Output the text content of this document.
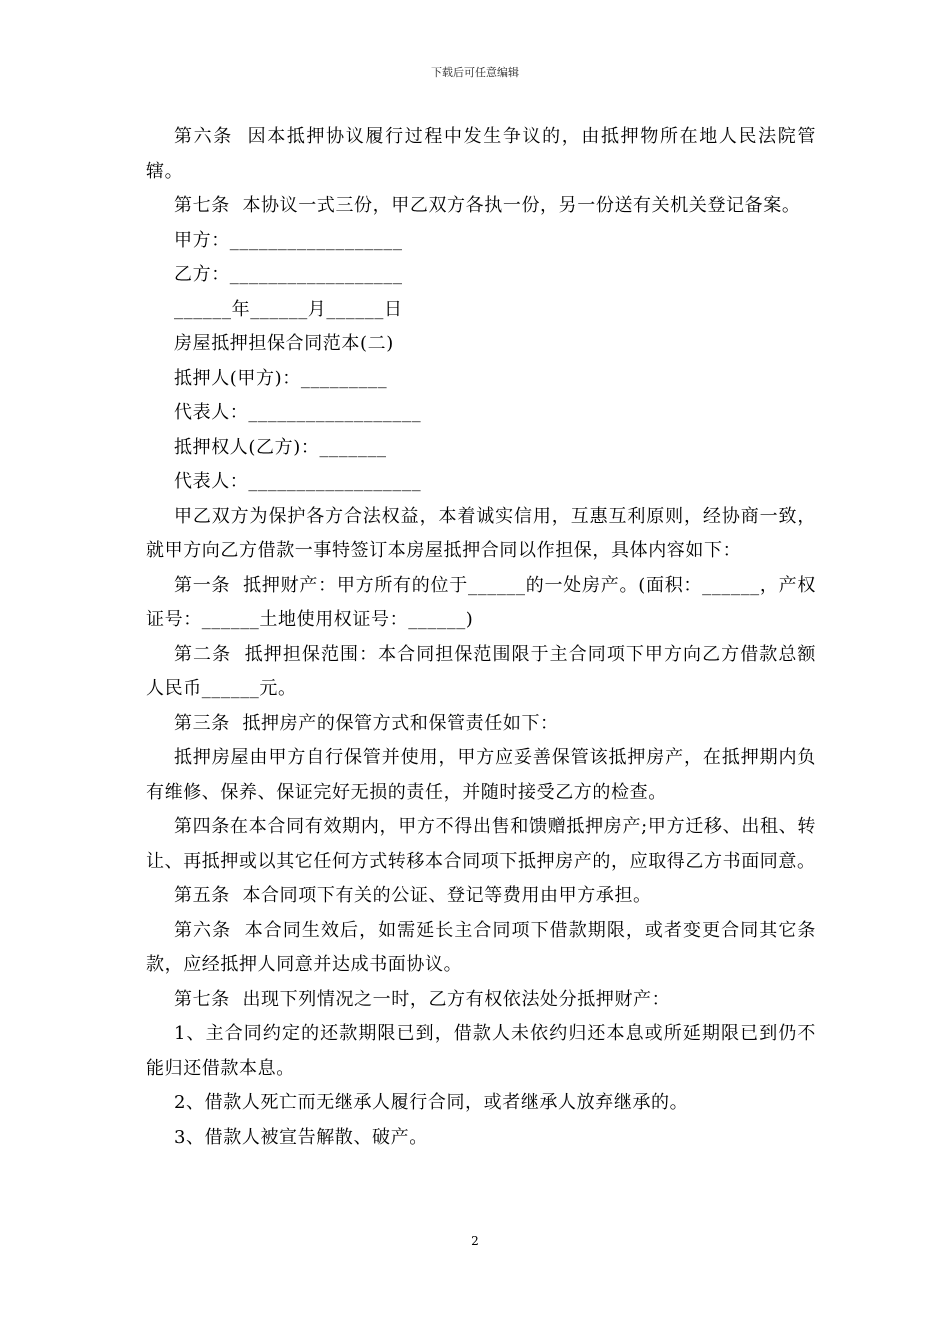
下载后可任意编辑

第六条  因本抵押协议履行过程中发生争议的，由抵押物所在地人民法院管辖。

第七条  本协议一式三份，甲乙双方各执一份，另一份送有关机关登记备案。

甲方：__________________

乙方：__________________

______年______月______日

房屋抵押担保合同范本(二)

抵押人(甲方)：_________

代表人：__________________

抵押权人(乙方)：_______

代表人：__________________

甲乙双方为保护各方合法权益，本着诚实信用，互惠互利原则，经协商一致，就甲方向乙方借款一事特签订本房屋抵押合同以作担保，具体内容如下：

第一条  抵押财产：甲方所有的位于______的一处房产。(面积：______，产权证号：______土地使用权证号：______)

第二条  抵押担保范围：本合同担保范围限于主合同项下甲方向乙方借款总额人民币______元。

第三条  抵押房产的保管方式和保管责任如下：

抵押房屋由甲方自行保管并使用，甲方应妥善保管该抵押房产，在抵押期内负有维修、保养、保证完好无损的责任，并随时接受乙方的检查。

第四条在本合同有效期内，甲方不得出售和馈赠抵押房产;甲方迁移、出租、转让、再抵押或以其它任何方式转移本合同项下抵押房产的，应取得乙方书面同意。

第五条  本合同项下有关的公证、登记等费用由甲方承担。

第六条  本合同生效后，如需延长主合同项下借款期限，或者变更合同其它条款，应经抵押人同意并达成书面协议。

第七条  出现下列情况之一时，乙方有权依法处分抵押财产：

1、主合同约定的还款期限已到，借款人未依约归还本息或所延期限已到仍不能归还借款本息。

2、借款人死亡而无继承人履行合同，或者继承人放弃继承的。

3、借款人被宣告解散、破产。

2
